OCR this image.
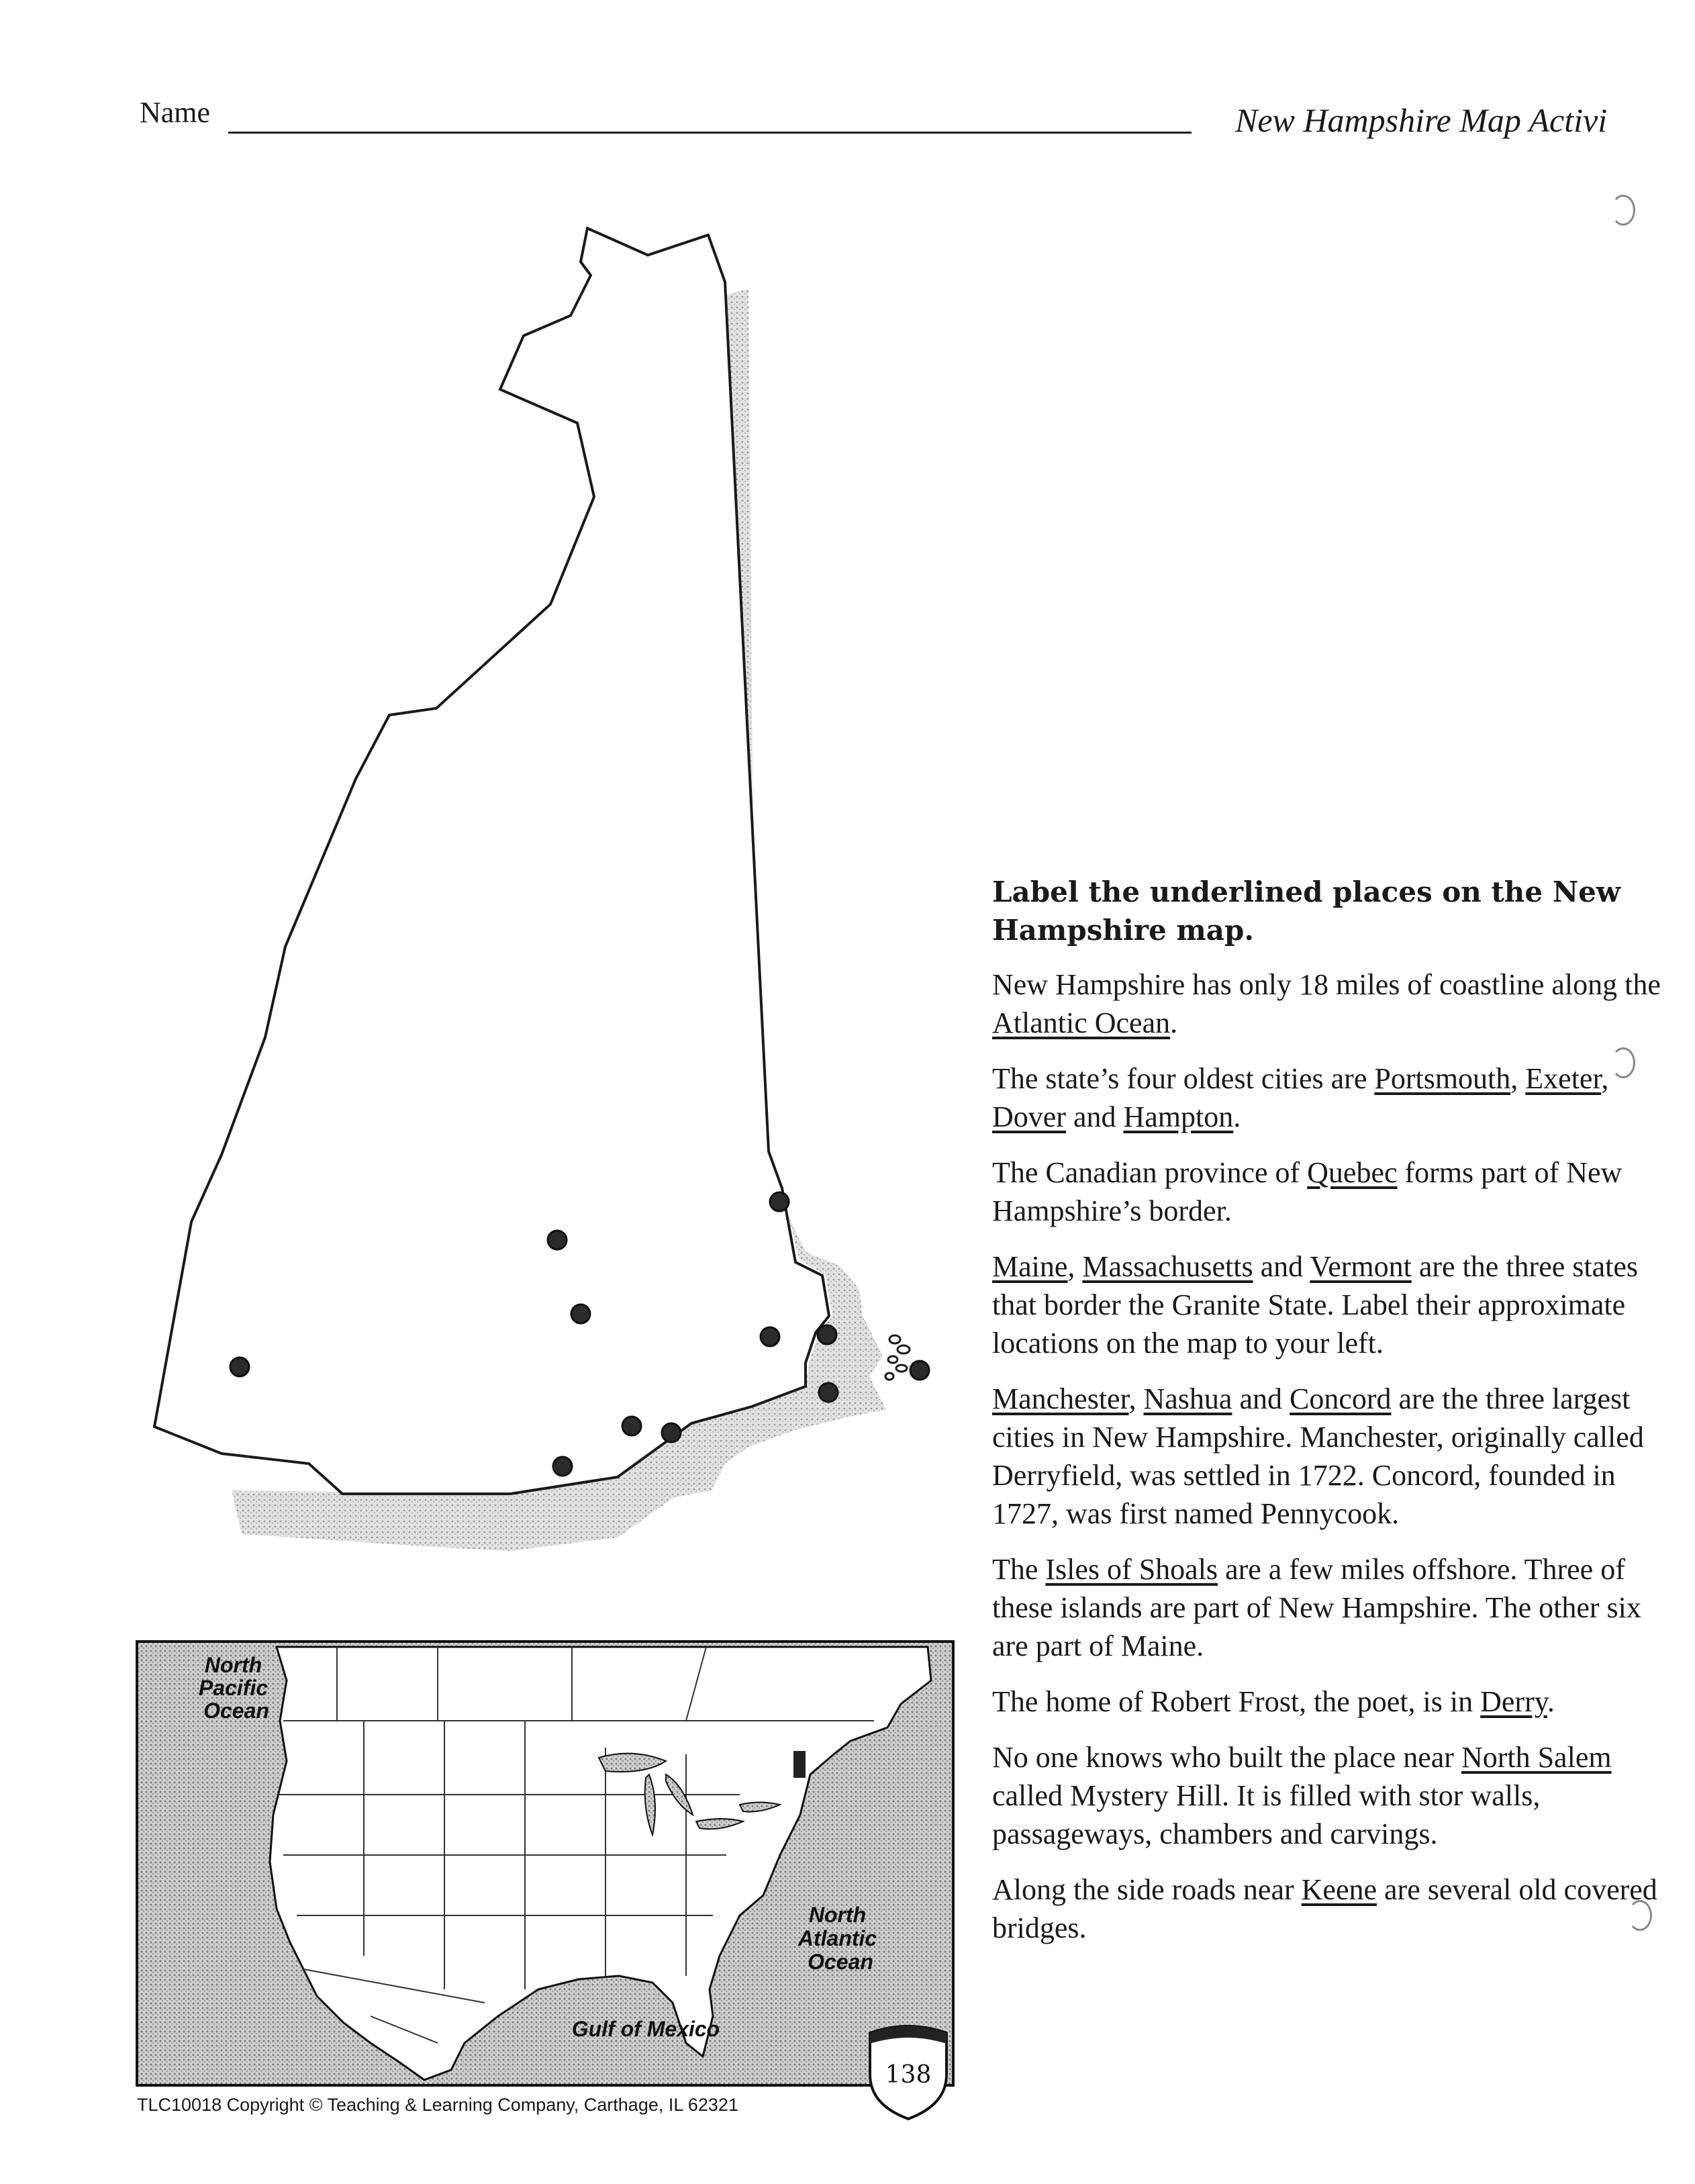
Name	New Hampshire Map Activi
Label the underlined places on the New Hampshire map.

New Hampshire has only 18 miles of coastline along the Atlantic Ocean.

The state’s four oldest cities are Portsmouth, Exeter, Dover and Hampton.

The Canadian province of Quebec forms part of New Hampshire’s border.

Maine, Massachusetts and Vermont are the three states that border the Granite State. Label their approximate locations on the map to your left.

Manchester, Nashua and Concord are the three largest cities in New Hampshire. Manchester, originally called Derryfield, was settled in 1722. Concord, founded in 1727, was first named Pennycook.

The Isles of Shoals are a few miles offshore. Three of these islands are part of New Hampshire. The other six are part of Maine.

The home of Robert Frost, the poet, is in Derry.

No one knows who built the place near North Salem called Mystery Hill. It is filled with stor walls, passageways, chambers and carvings.

Along the side roads near Keene are several old covered bridges.

North Pacific Ocean
North Atlantic Ocean
Gulf of Mexico
TLC10018 Copyright © Teaching & Learning Company, Carthage, IL 62321
138
